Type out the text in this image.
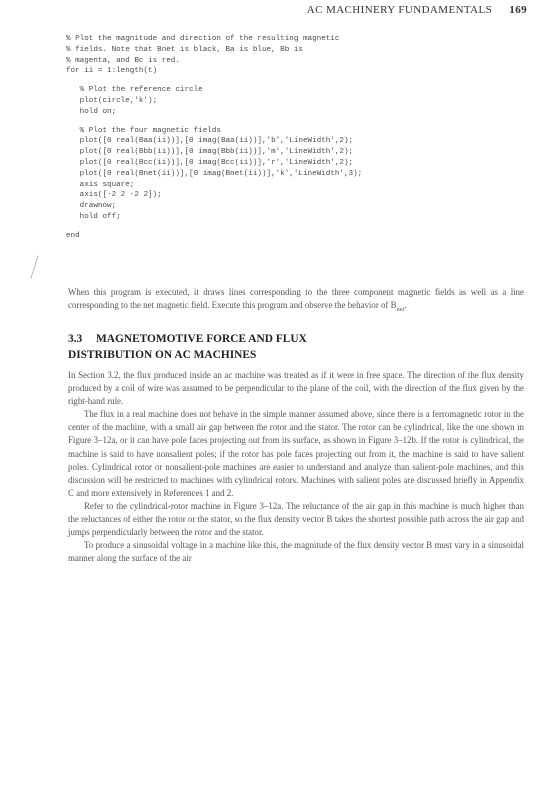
AC MACHINERY FUNDAMENTALS 169
% Plot the magnitude and direction of the resulting magnetic
% fields. Note that Bnet is black, Ba is blue, Bb is
% magenta, and Bc is red.
for ii = 1:length(t)
% Plot the reference circle
plot(circle,'k');
hold on;
% Plot the four magnetic fields
plot([0 real(Baa(ii))],[0 imag(Baa(ii))],'b','LineWidth',2);
plot([0 real(Bbb(ii))],[0 imag(Bbb(ii))],'m','LineWidth',2);
plot([0 real(Bcc(ii))],[0 imag(Bcc(ii))],'r','LineWidth',2);
plot([0 real(Bnet(ii))],[0 imag(Bnet(ii))],'k','LineWidth',3);
axis square;
axis([-2 2 -2 2]);
drawnow;
hold off;
end

When this program is executed, it draws lines corresponding to the three component magnetic fields as well as a line corresponding to the net magnetic field. Execute this program and observe the behavior of $B_{net}$.

3.3 MAGNETOMOTIVE FORCE AND FLUX
DISTRIBUTION ON AC MACHINES

In Section 3.2, the flux produced inside an ac machine was treated as if it were in free space. The direction of the flux density produced by a coil of wire was assumed to be perpendicular to the plane of the coil, with the direction of the flux given by the right-hand rule.

The flux in a real machine does not behave in the simple manner assumed above, since there is a ferromagnetic rotor in the center of the machine, with a small air gap between the rotor and the stator. The rotor can be cylindrical, like the one shown in Figure 3–12a, or it can have pole faces projecting out from its surface, as shown in Figure 3–12b. If the rotor is cylindrical, the machine is said to have nonsalient poles; if the rotor has pole faces projecting out from it, the machine is said to have salient poles. Cylindrical rotor or nonsalient-pole machines are easier to understand and analyze than salient-pole machines, and this discussion will be restricted to machines with cylindrical rotors. Machines with salient poles are discussed briefly in Appendix C and more extensively in References 1 and 2.

Refer to the cylindrical-rotor machine in Figure 3–12a. The reluctance of the air gap in this machine is much higher than the reluctances of either the rotor or the stator, so the flux density vector B takes the shortest possible path across the air gap and jumps perpendicularly between the rotor and the stator.

To produce a sinusoidal voltage in a machine like this, the magnitude of the flux density vector B must vary in a sinusoidal manner along the surface of the air
